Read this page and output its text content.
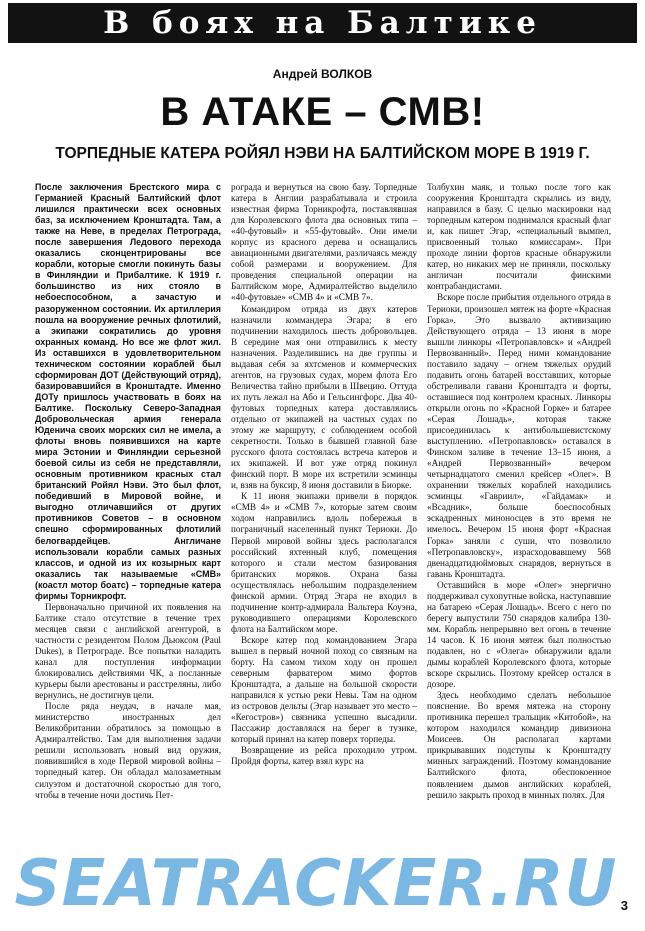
В боях на Балтике
Андрей ВОЛКОВ
В АТАКЕ – СМВ!
ТОРПЕДНЫЕ КАТЕРА РОЙЯЛ НЭВИ НА БАЛТИЙСКОМ МОРЕ В 1919 Г.

После заключения Брестского мира с Германией Красный Балтийский флот лишился практически всех основных баз, за исключением Кронштадта. Там, а также на Неве, в пределах Петрограда, после завершения Ледового перехода оказались сконцентрированы все корабли, которые смогли покинуть базы в Финляндии и Прибалтике. К 1919 г. большинство из них стояло в небоеспособном, а зачастую и разоруженном состоянии. Их артиллерия пошла на вооружение речных флотилий, а экипажи сократились до уровня охранных команд. Но все же флот жил. Из оставшихся в удовлетворительном техническом состоянии кораблей был сформирован ДОТ (Действующий отряд), базировавшийся в Кронштадте. Именно ДОТу пришлось участвовать в боях на Балтике. Поскольку Северо-Западная Добровольческая армия генерала Юденича своих морских сил не имела, а флоты вновь появившихся на карте мира Эстонии и Финляндии серьезной боевой силы из себя не представляли, основным противником красных стал британский Ройял Нэви. Это был флот, победивший в Мировой войне, и выгодно отличавшийся от других противников Советов – в основном спешно сформированных флотилий белогвардейцев. Англичане использовали корабли самых разных классов, и одной из их козырных карт оказались так называемые «СМВ» (коастл мотор боатс) – торпедные катера фирмы Торникрофт.

Первоначально причиной их появления на Балтике стало отсутствие в течение трех месяцев связи с английской агентурой, в частности с резидентом Полом Дьюксом (Paul Dukes), в Петрограде. Все попытки наладить канал для поступления информации блокировались действиями ЧК, а посланные курьеры были арестованы и расстреляны, либо вернулись, не достигнув цели.

После ряда неудач, в начале мая, министерство иностранных дел Великобритании обратилось за помощью в Адмиралтейство. Там для выполнения задачи решили использовать новый вид оружия, появившийся в ходе Первой мировой войны – торпедный катер. Он обладал малозаметным силуэтом и достаточной скоростью для того, чтобы в течение ночи достичь Пет-

рограда и вернуться на свою базу. Торпедные катера в Англии разрабатывала и строила известная фирма Торникрофта, поставлявшая для Королевского флота два основных типа – «40-футовый» и «55-футовый». Они имели корпус из красного дерева и оснащались авиационными двигателями, различаясь между собой размерами и вооружением. Для проведения специальной операции на Балтийском море, Адмиралтейство выделило «40-футовые» «СМВ 4» и «СМВ 7».

Командиром отряда из двух катеров назначили коммандера Эгара; в его подчинении находилось шесть добровольцев. В середине мая они отправились к месту назначения. Разделившись на две группы и выдавая себя за яхтсменов и коммерческих агентов, на грузовых судах, морем флота Его Величества тайно прибыли в Швецию. Оттуда их путь лежал на Або и Гельсингфорс. Два 40-футовых торпедных катера доставлялись отдельно от экипажей на частных судах по этому же маршруту, с соблюдением особой секретности. Только в бывшей главной базе русского флота состоялась встреча катеров и их экипажей. И вот уже отряд покинул финский порт. В море их встретили эсминцы и, взяв на буксир, 8 июня доставили в Биорке.

К 11 июня экипажи привели в порядок «СМВ 4» и «СМВ 7», которые затем своим ходом направились вдоль побережья в пограничный населенный пункт Териоки. До Первой мировой войны здесь располагался российский яхтенный клуб, помещения которого и стали местом базирования британских моряков. Охрана базы осуществлялась небольшим подразделением финской армии. Отряд Эгара не входил в подчинение контр-адмирала Вальтера Коуэна, руководившего операциями Королевского флота на Балтийском море.

Вскоре катер под командованием Эгара вышел в первый ночной поход со связным на борту. На самом тихом ходу он прошел северным фарватером мимо фортов Кронштадта, а дальше на большой скорости направился к устью реки Невы. Там на одном из островов дельты (Эгар называет это место – «Кегостров») связника успешно высадили. Пассажир доставлялся на берег в тузике, который принял на катер поверх торпеды.

Возвращение из рейса проходило утром. Пройдя форты, катер взял курс на

Толбухин маяк, и только после того как сооружения Кронштадта скрылись из виду, направился в базу. С целью маскировки над торпедным катером поднимался красный флаг и, как пишет Эгар, «специальный вымпел, присвоенный только комиссарам». При проходе линии фортов красные обнаружили катер, но никаких мер не приняли, поскольку англичан посчитали финскими контрабандистами.

Вскоре после прибытия отдельного отряда в Териоки, произошел мятеж на форте «Красная Горка». Это вызвало активизацию Действующего отряда – 13 июня в море вышли линкоры «Петропавловск» и «Андрей Первозванный». Перед ними командование поставило задачу – огнем тяжелых орудий подавить огонь батарей восставших, которые обстреливали гавани Кронштадта и форты, оставшиеся под контролем красных. Линкоры открыли огонь по «Красной Горке» и батарее «Серая Лошадь», которая также присоединилась к антибольшевистскому выступлению. «Петропавловск» оставался в Финском заливе в течение 13–15 июня, а «Андрей Первозванный» вечером четырнадцатого сменил крейсер «Олег». В охранении тяжелых кораблей находились эсминцы «Гавриил», «Гайдамак» и «Всадник», больше боеспособных эскадренных миноносцев в это время не имелось. Вечером 15 июня форт «Красная Горка» заняли с суши, что позволило «Петропавловску», израсходовавшему 568 двенадцатидюймовых снарядов, вернуться в гавань Кронштадта.

Оставшийся в море «Олег» энергично поддерживал сухопутные войска, наступавшие на батарею «Серая Лошадь». Всего с него по берегу выпустили 750 снарядов калибра 130-мм. Корабль непрерывно вел огонь в течение 14 часов. К 16 июня мятеж был полностью подавлен, но с «Олега» обнаружили вдали дымы кораблей Королевского флота, которые вскоре скрылись. Поэтому крейсер остался в дозоре.

Здесь необходимо сделать небольшое пояснение. Во время мятежа на сторону противника перешел тральщик «Китобой», на котором находился командир дивизиона Моисеев. Он располагал картами прикрывавших подступы к Кронштадту минных заграждений. Поэтому командование Балтийского флота, обеспокоенное появлением дымов английских кораблей, решило закрыть проход в минных полях. Для

SEATRACKER.RU 3
